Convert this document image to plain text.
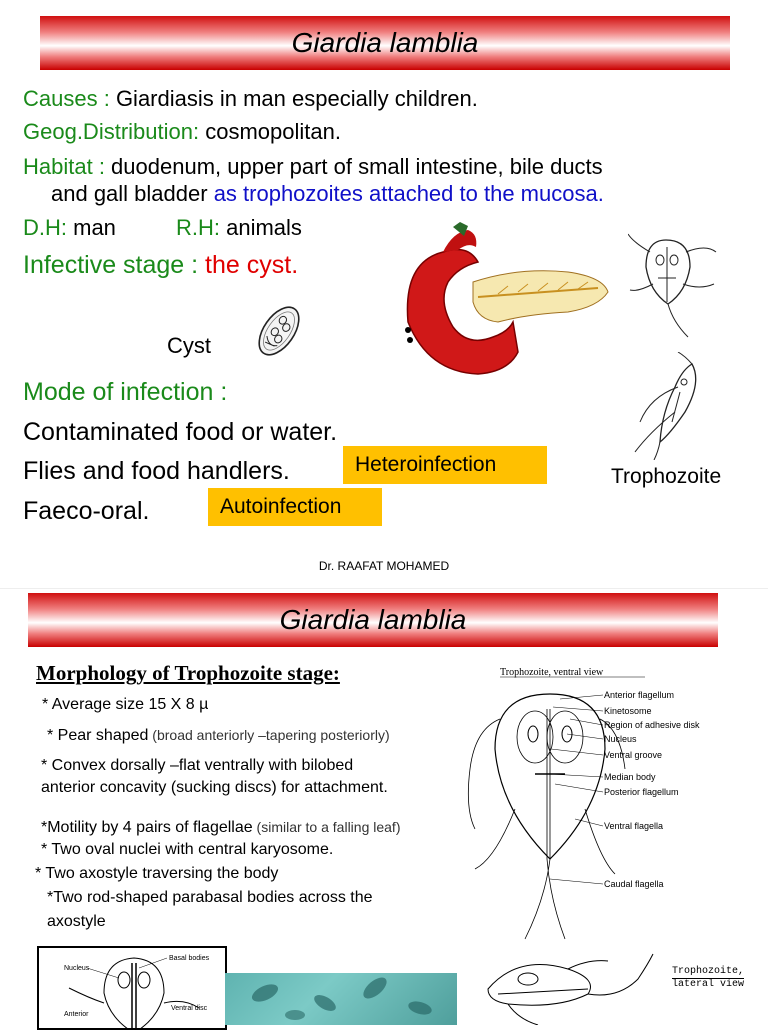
Giardia lamblia
Causes : Giardiasis in man especially children.
Geog.Distribution: cosmopolitan.
Habitat : duodenum, upper part of small intestine, bile ducts
and gall bladder as trophozoites attached to the mucosa.
D.H: man	R.H: animals
Infective stage : the cyst.
Cyst
Mode of infection :
Contaminated food or water.
Flies and food handlers.
Faeco-oral.
Heteroinfection
Autoinfection
Trophozoite
Dr. RAAFAT MOHAMED
Giardia lamblia
Morphology of Trophozoite stage:
* Average size 15 X 8 µ
* Pear shaped (broad anteriorly –tapering posteriorly)
* Convex dorsally –flat ventrally with bilobed
anterior concavity (sucking discs) for attachment.
*Motility by 4 pairs of flagellae (similar to a falling leaf)
* Two oval nuclei with central karyosome.
* Two axostyle traversing the body
*Two rod-shaped parabasal bodies across the
axostyle
Trophozoite, ventral view
Anterior flagellum
Kinetosome
Region of adhesive disk
Nucleus
Ventral groove
Median body
Posterior flagellum
Ventral flagella
Caudal flagella
Basal bodies
Nucleus
Anterior
Ventral disc
Trophozoite,
lateral view
